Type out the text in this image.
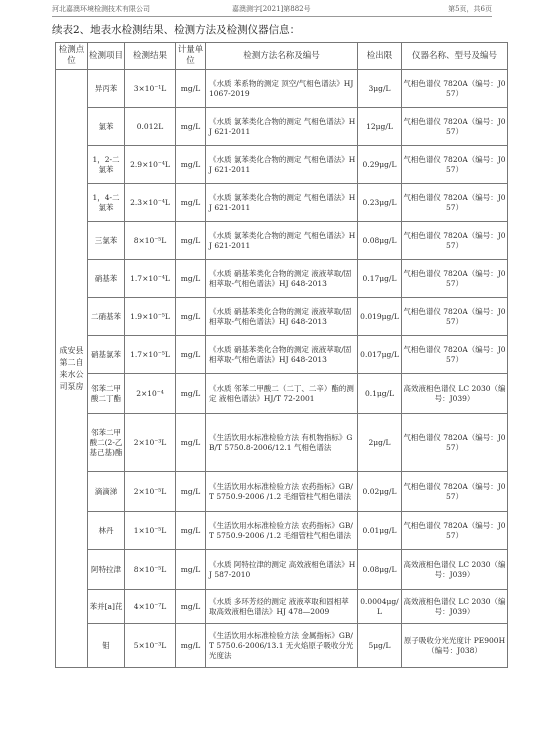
河北嘉澳环境检测技术有限公司	嘉澳测字[2021]第882号	第5页，共6页
续表2、地表水检测结果、检测方法及检测仪器信息：
检测点位	检测项目	检测结果	计量单位	检测方法名称及编号	检出限	仪器名称、型号及编号
成安县第二自来水公司泵房	异丙苯	3×10⁻¹L	mg/L	《水质 苯系物的测定 顶空/气相色谱法》HJ 1067-2019	3μg/L	气相色谱仪 7820A（编号：J057）
	氯苯	0.012L	mg/L	《水质 氯苯类化合物的测定 气相色谱法》HJ 621-2011	12μg/L	气相色谱仪 7820A（编号：J057）
	1，2-二氯苯	2.9×10⁻⁴L	mg/L	《水质 氯苯类化合物的测定 气相色谱法》HJ 621-2011	0.29μg/L	气相色谱仪 7820A（编号：J057）
	1，4-二氯苯	2.3×10⁻⁴L	mg/L	《水质 氯苯类化合物的测定 气相色谱法》HJ 621-2011	0.23μg/L	气相色谱仪 7820A（编号：J057）
	三氯苯	8×10⁻⁵L	mg/L	《水质 氯苯类化合物的测定 气相色谱法》HJ 621-2011	0.08μg/L	气相色谱仪 7820A（编号：J057）
	硝基苯	1.7×10⁻⁴L	mg/L	《水质 硝基苯类化合物的测定 液液萃取/固相萃取-气相色谱法》HJ 648-2013	0.17μg/L	气相色谱仪 7820A（编号：J057）
	二硝基苯	1.9×10⁻⁵L	mg/L	《水质 硝基苯类化合物的测定 液液萃取/固相萃取-气相色谱法》HJ 648-2013	0.019μg/L	气相色谱仪 7820A（编号：J057）
	硝基氯苯	1.7×10⁻⁵L	mg/L	《水质 硝基苯类化合物的测定 液液萃取/固相萃取-气相色谱法》HJ 648-2013	0.017μg/L	气相色谱仪 7820A（编号：J057）
	邻苯二甲酸二丁酯	2×10⁻⁴	mg/L	《水质 邻苯二甲酸二（二丁、二辛）酯的测定 液相色谱法》HJ/T 72-2001	0.1μg/L	高效液相色谱仪 LC 2030（编号：J039）
	邻苯二甲酸二(2-乙基己基)酯	2×10⁻³L	mg/L	《生活饮用水标准检验方法 有机物指标》GB/T 5750.8-2006/12.1 气相色谱法	2μg/L	气相色谱仪 7820A（编号：J057）
	滴滴涕	2×10⁻⁵L	mg/L	《生活饮用水标准检验方法 农药指标》GB/T 5750.9-2006 /1.2 毛细管柱气相色谱法	0.02μg/L	气相色谱仪 7820A（编号：J057）
	林丹	1×10⁻⁵L	mg/L	《生活饮用水标准检验方法 农药指标》GB/T 5750.9-2006 /1.2 毛细管柱气相色谱法	0.01μg/L	气相色谱仪 7820A（编号：J057）
	阿特拉津	8×10⁻⁵L	mg/L	《水质 阿特拉津的测定 高效液相色谱法》HJ 587-2010	0.08μg/L	高效液相色谱仪 LC 2030（编号：J039）
	苯并[a]芘	4×10⁻⁷L	mg/L	《水质 多环芳烃的测定 液液萃取和固相萃取高效液相色谱法》HJ 478—2009	0.0004μg/L	高效液相色谱仪 LC 2030（编号：J039）
	钼	5×10⁻³L	mg/L	《生活饮用水标准检验方法 金属指标》GB/T 5750.6-2006/13.1 无火焰原子吸收分光光度法	5μg/L	原子吸收分光光度计 PE900H（编号：J038）
